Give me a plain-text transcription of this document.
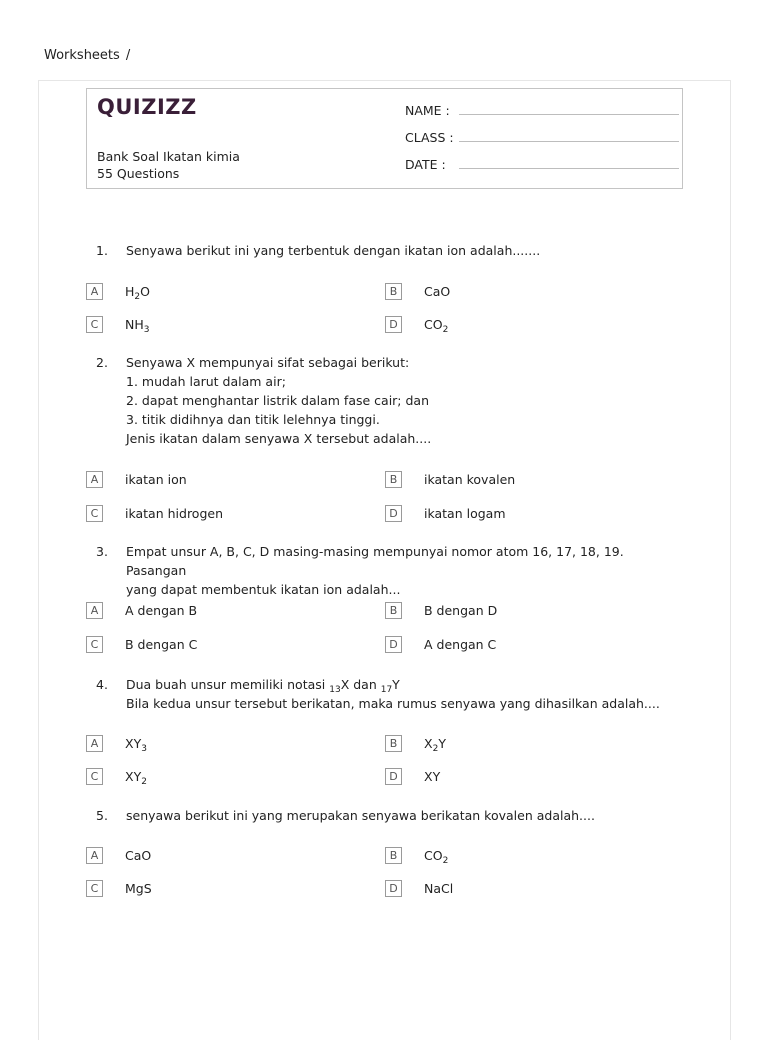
Worksheets /
QUIZIZZ
Bank Soal Ikatan kimia
55 Questions
NAME :
CLASS :
DATE :
1.	Senyawa berikut ini yang terbentuk dengan ikatan ion adalah.......
A	$H_2O$	B	CaO
C	$NH_3$	D	$CO_2$
2.	Senyawa X mempunyai sifat sebagai berikut:
1. mudah larut dalam air;
2. dapat menghantar listrik dalam fase cair; dan
3. titik didihnya dan titik lelehnya tinggi.
Jenis ikatan dalam senyawa X tersebut adalah....
A	ikatan ion	B	ikatan kovalen
C	ikatan hidrogen	D	ikatan logam
3.	Empat unsur A, B, C, D masing-masing mempunyai nomor atom 16, 17, 18, 19. Pasangan
yang dapat membentuk ikatan ion adalah...
A	A dengan B	B	B dengan D
C	B dengan C	D	A dengan C
4.	Dua buah unsur memiliki notasi $_{13}$X dan $_{17}$Y
Bila kedua unsur tersebut berikatan, maka rumus senyawa yang dihasilkan adalah....
A	$XY_3$	B	$X_2Y$
C	$XY_2$	D	XY
5.	senyawa berikut ini yang merupakan senyawa berikatan kovalen adalah....
A	CaO	B	$CO_2$
C	MgS	D	NaCl
